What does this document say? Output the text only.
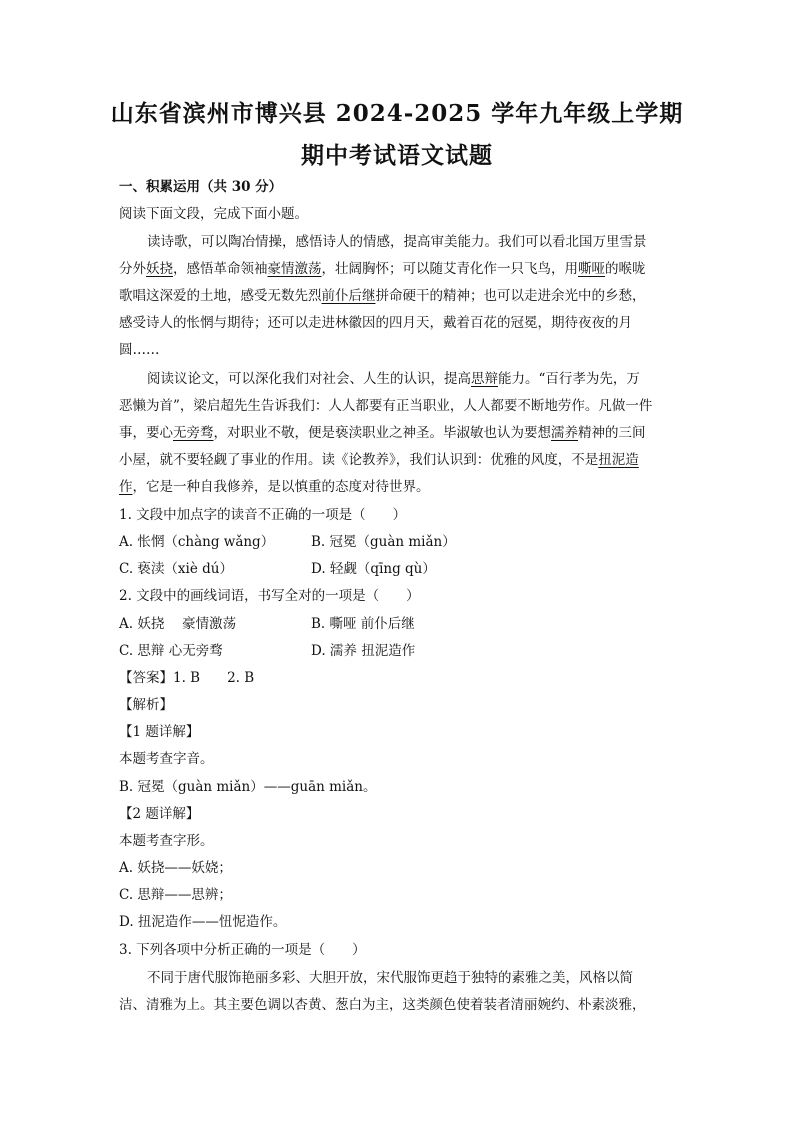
山东省滨州市博兴县 2024-2025 学年九年级上学期
期中考试语文试题
一、积累运用（共 30 分）
阅读下面文段，完成下面小题。
读诗歌，可以陶冶情操，感悟诗人的情感，提高审美能力。我们可以看北国万里雪景
分外妖挠，感悟革命领袖豪情激荡，壮阔胸怀；可以随艾青化作一只飞鸟，用嘶哑的喉咙
歌唱这深爱的土地，感受无数先烈前仆后继拼命硬干的精神；也可以走进余光中的乡愁，
感受诗人的怅惘与期待；还可以走进林徽因的四月天，戴着百花的冠冕，期待夜夜的月
圆……
阅读议论文，可以深化我们对社会、人生的认识，提高思辩能力。“百行孝为先，万
恶懒为首”，梁启超先生告诉我们：人人都要有正当职业，人人都要不断地劳作。凡做一件
事，要心无旁骛，对职业不敬，便是亵渎职业之神圣。毕淑敏也认为要想濡养精神的三间
小屋，就不要轻觑了事业的作用。读《论教养》，我们认识到：优雅的风度，不是扭泥造
作，它是一种自我修养，是以慎重的态度对待世界。
1. 文段中加点字的读音不正确的一项是（　　）
A. 怅惘（chàng wǎng）	B. 冠冕（guàn miǎn）
C. 亵渎（xiè dú）	D. 轻觑（qīng qù）
2. 文段中的画线词语，书写全对的一项是（　　）
A. 妖挠　 豪情激荡	B. 嘶哑 前仆后继
C. 思辩 心无旁骛	D. 濡养 扭泥造作
【答案】1. B　　2. B
【解析】
【1 题详解】
本题考查字音。
B. 冠冕（guàn miǎn）——guān miǎn。
【2 题详解】
本题考查字形。
A. 妖挠——妖娆；
C. 思辩——思辨；
D. 扭泥造作——忸怩造作。
3. 下列各项中分析正确的一项是（　　）
不同于唐代服饰艳丽多彩、大胆开放，宋代服饰更趋于独特的素雅之美，风格以简
洁、清雅为上。其主要色调以杏黄、葱白为主，这类颜色使着装者清丽婉约、朴素淡雅，
